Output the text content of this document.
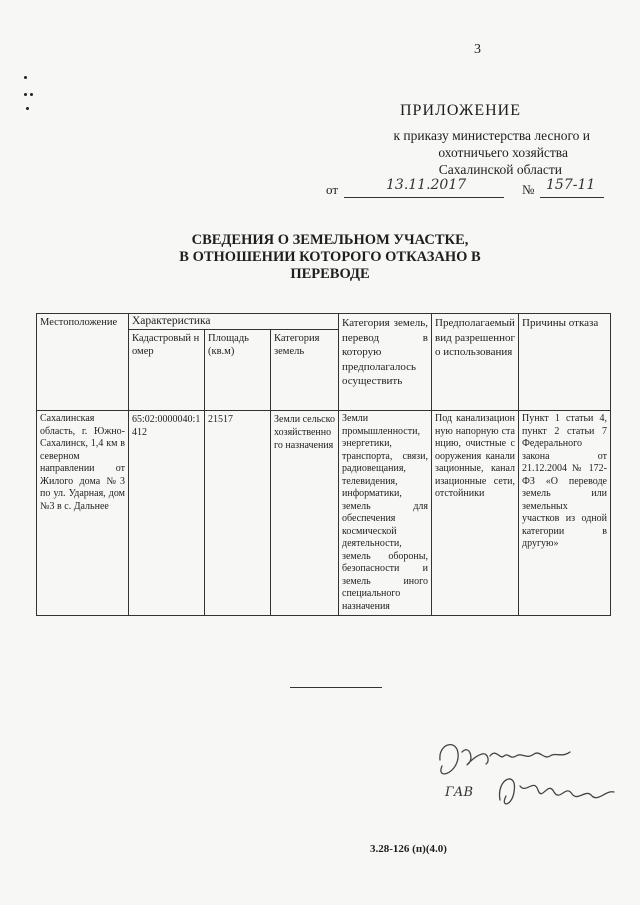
3
ПРИЛОЖЕНИЕ
к приказу министерства лесного и
охотничьего хозяйства
Сахалинской области
от	13.11.2017	№ 157-11
СВЕДЕНИЯ О ЗЕМЕЛЬНОМ УЧАСТКЕ,
В ОТНОШЕНИИ КОТОРОГО ОТКАЗАНО В
ПЕРЕВОДЕ
Местоположение	Характеристика			Категория земель, перевод в которую предполагалось осуществить	Предполагаемый вид разрешенного использования	Причины отказа
	Кадастровый номер	Площадь (кв.м)	Категория земель			
Сахалинская область, г. Южно-Сахалинск, 1,4 км в северном направлении от Жилого дома №3 по ул. Ударная, дом №3 в с. Дальнее	65:02:0000040:1412	21517	Земли сельскохозяйственного назначения	Земли промышленности, энергетики, транспорта, связи, радиовещания, телевидения, информатики, земель для обеспечения космической деятельности, земель обороны, безопасности и земель иного специального назначения	Под канализационную напорную станцию, очистные сооружения канализационные, канализационные сети, отстойники	Пункт 1 статьи 4, пункт 2 статьи 7 Федерального закона от 21.12.2004 № 172-ФЗ «О переводе земель или земельных участков из одной категории в другую»
ГАВ
3.28-126 (п)(4.0)
